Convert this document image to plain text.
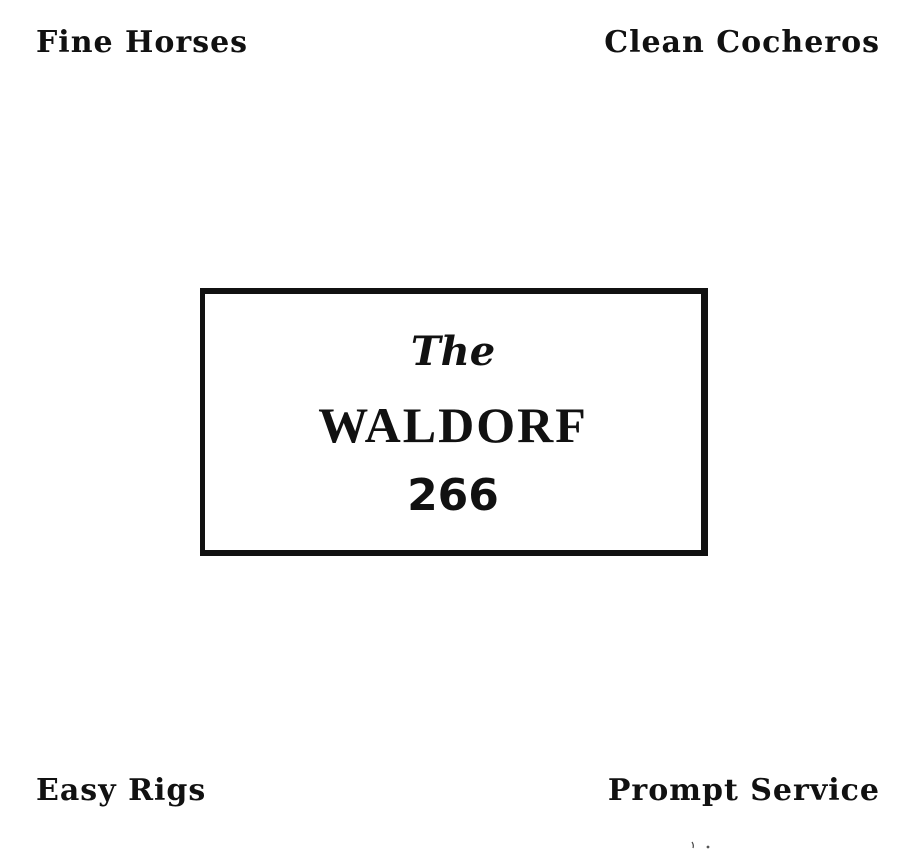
Fine Horses	Clean Cocheros
The
WALDORF
266
Easy Rigs	Prompt Service
